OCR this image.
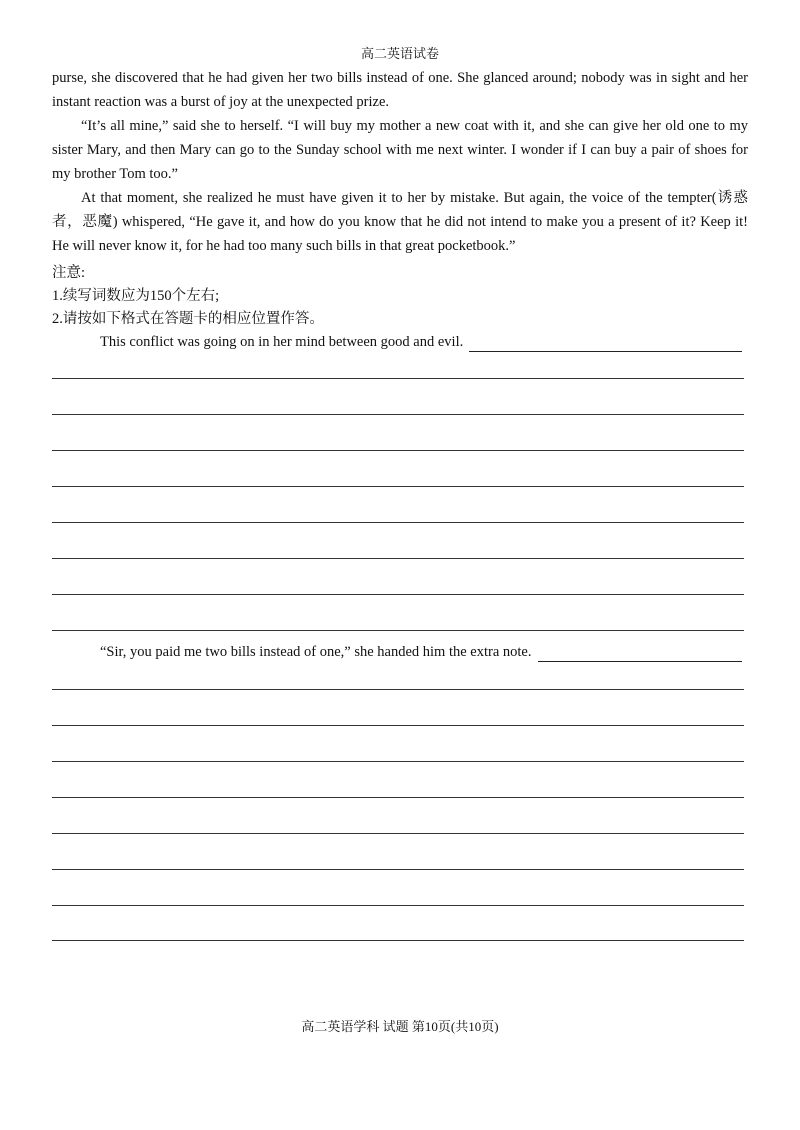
高二英语试卷

purse, she discovered that he had given her two bills instead of one. She glanced around; nobody was in sight and her instant reaction was a burst of joy at the unexpected prize.

“It’s all mine,” said she to herself. “I will buy my mother a new coat with it, and she can give her old one to my sister Mary, and then Mary can go to the Sunday school with me next winter. I wonder if I can buy a pair of shoes for my brother Tom too.”

At that moment, she realized he must have given it to her by mistake. But again, the voice of the tempter(诱惑者，恶魔) whispered, “He gave it, and how do you know that he did not intend to make you a present of it? Keep it! He will never know it, for he had too many such bills in that great pocketbook.”

注意:
1.续写词数应为150个左右;
2.请按如下格式在答题卡的相应位置作答。
This conflict was going on in her mind between good and evil.
“Sir, you paid me two bills instead of one,” she handed him the extra note.
高二英语学科 试题 第10页(共10页)
